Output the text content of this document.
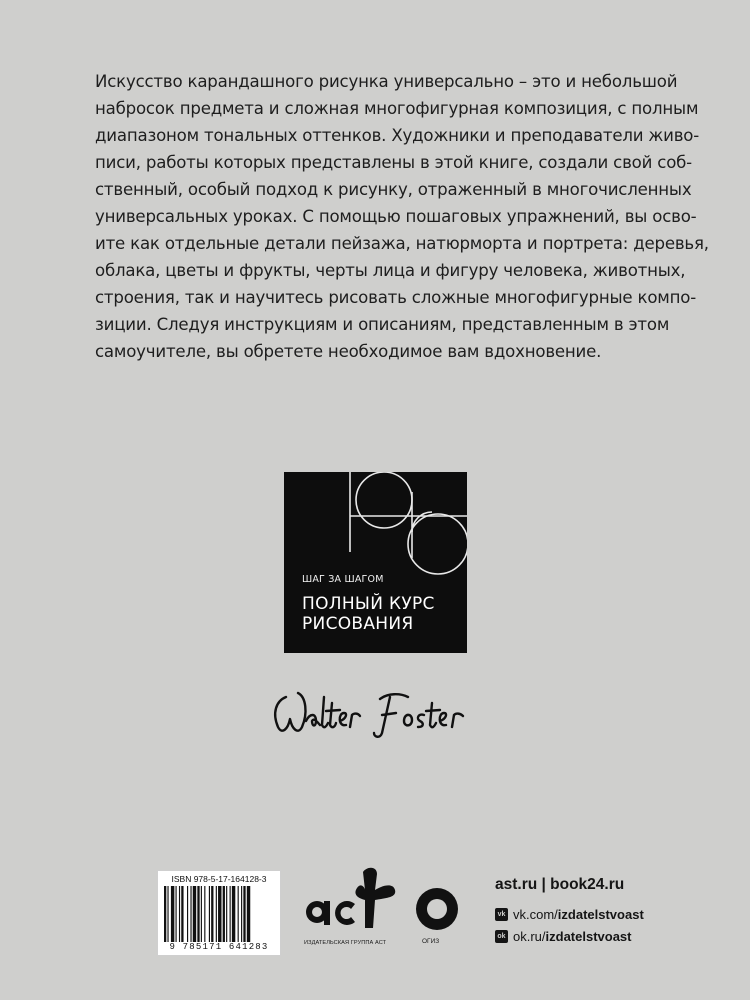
Искусство карандашного рисунка универсально – это и небольшой
набросок предмета и сложная многофигурная композиция, с полным
диапазоном тональных оттенков. Художники и преподаватели живо-
писи, работы которых представлены в этой книге, создали свой соб-
ственный, особый подход к рисунку, отраженный в многочисленных
универсальных уроках. С помощью пошаговых упражнений, вы осво-
ите как отдельные детали пейзажа, натюрморта и портрета: деревья,
облака, цветы и фрукты, черты лица и фигуру человека, животных,
строения, так и научитесь рисовать сложные многофигурные компо-
зиции. Следуя инструкциям и описаниям, представленным в этом
самоучителе, вы обретете необходимое вам вдохновение.
ШАГ ЗА ШАГОМ
ПОЛНЫЙ КУРС
РИСОВАНИЯ
ISBN 978-5-17-164128-3
9 785171 641283	ИЗДАТЕЛЬСКАЯ ГРУППА АСТ	ОГИЗ
ast.ru | book24.ru
vk vk.com/izdatelstvoast
ok ok.ru/izdatelstvoast
